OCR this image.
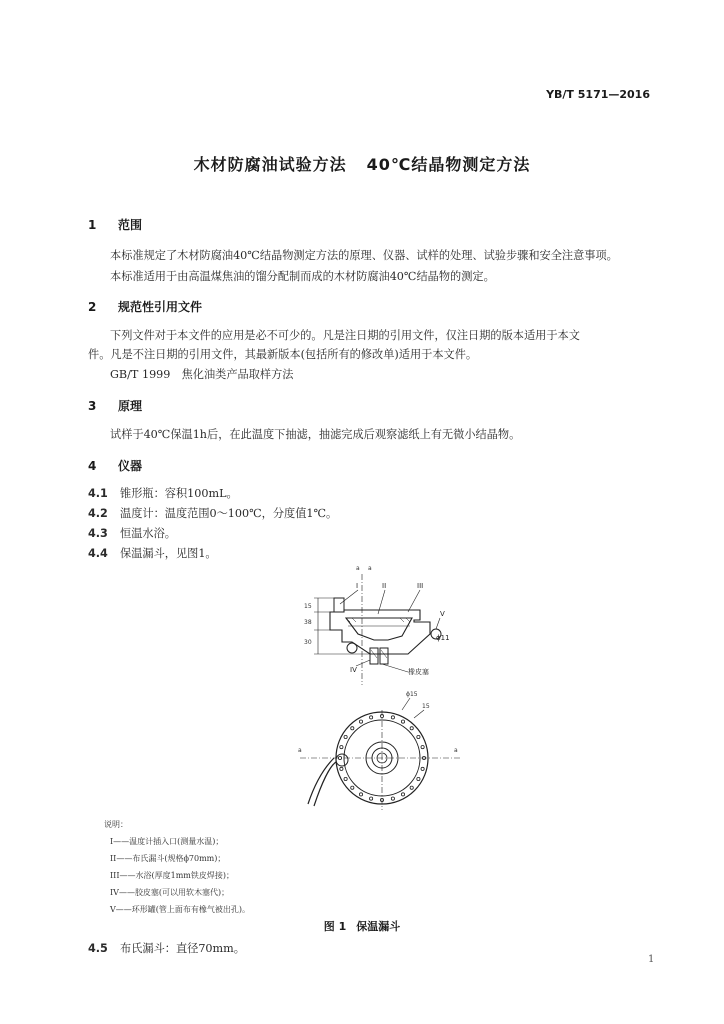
YB/T 5171—2016
木材防腐油试验方法 40℃结晶物测定方法
1 范围
本标准规定了木材防腐油40℃结晶物测定方法的原理、仪器、试样的处理、试验步骤和安全注意事项。
本标准适用于由高温煤焦油的馏分配制而成的木材防腐油40℃结晶物的测定。
2 规范性引用文件
下列文件对于本文件的应用是必不可少的。凡是注日期的引用文件，仅注日期的版本适用于本文
件。凡是不注日期的引用文件，其最新版本(包括所有的修改单)适用于本文件。
GB/T 1999　焦化油类产品取样方法
3 原理
试样于40℃保温1h后，在此温度下抽滤，抽滤完成后观察滤纸上有无微小结晶物。
4 仪器
4.1 锥形瓶：容积100mL。
4.2 温度计：温度范围0～100℃，分度值1℃。
4.3 恒温水浴。
4.4 保温漏斗，见图1。
a a
I	II	III
V
ϕ11
IV	橡皮塞
15
38
30
ϕ15
15
a	a
说明：
I——温度计插入口(测量水温)；
II——布氏漏斗(规格ϕ70mm)；
III——水浴(厚度1mm铁皮焊接)；
IV——胶皮塞(可以用软木塞代)；
V——环形罐(管上面布有橡气被出孔)。
图 1 保温漏斗
4.5 布氏漏斗：直径70mm。
1
